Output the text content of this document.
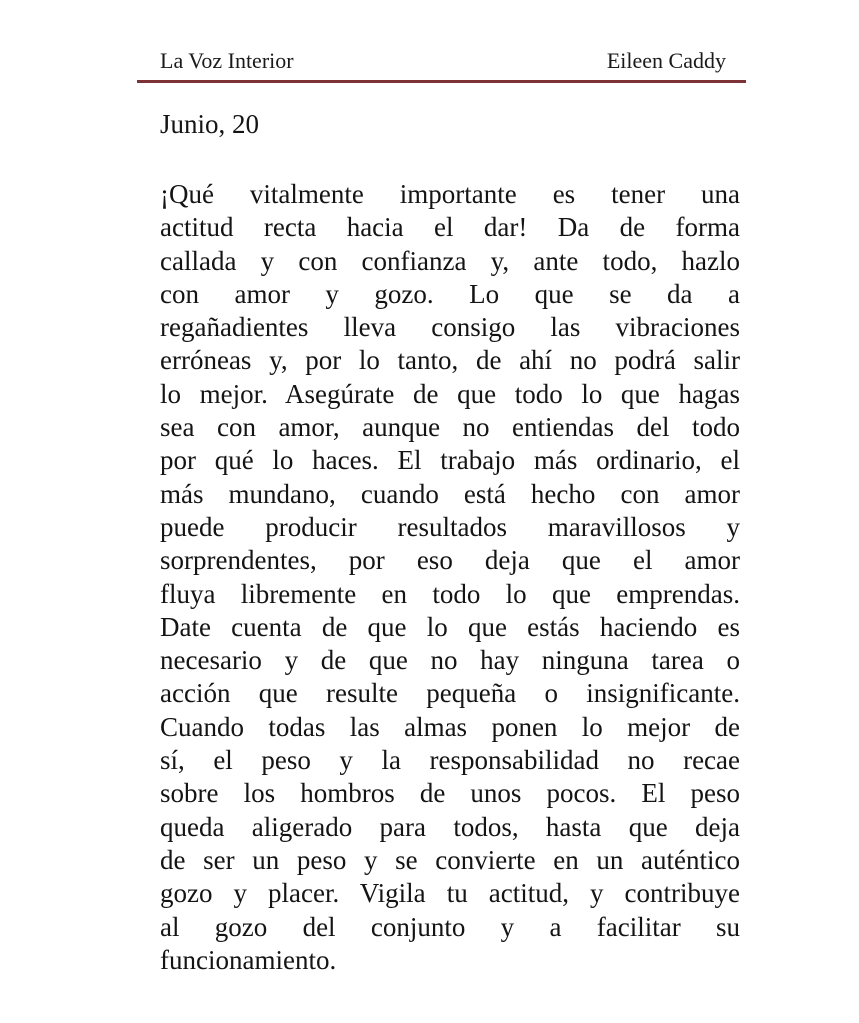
La Voz Interior	Eileen Caddy
Junio, 20
¡Qué vitalmente importante es tener una
actitud recta hacia el dar! Da de forma
callada y con confianza y, ante todo, hazlo
con amor y gozo. Lo que se da a
regañadientes lleva consigo las vibraciones
erróneas y, por lo tanto, de ahí no podrá salir
lo mejor. Asegúrate de que todo lo que hagas
sea con amor, aunque no entiendas del todo
por qué lo haces. El trabajo más ordinario, el
más mundano, cuando está hecho con amor
puede producir resultados maravillosos y
sorprendentes, por eso deja que el amor
fluya libremente en todo lo que emprendas.
Date cuenta de que lo que estás haciendo es
necesario y de que no hay ninguna tarea o
acción que resulte pequeña o insignificante.
Cuando todas las almas ponen lo mejor de
sí, el peso y la responsabilidad no recae
sobre los hombros de unos pocos. El peso
queda aligerado para todos, hasta que deja
de ser un peso y se convierte en un auténtico
gozo y placer. Vigila tu actitud, y contribuye
al gozo del conjunto y a facilitar su
funcionamiento.
